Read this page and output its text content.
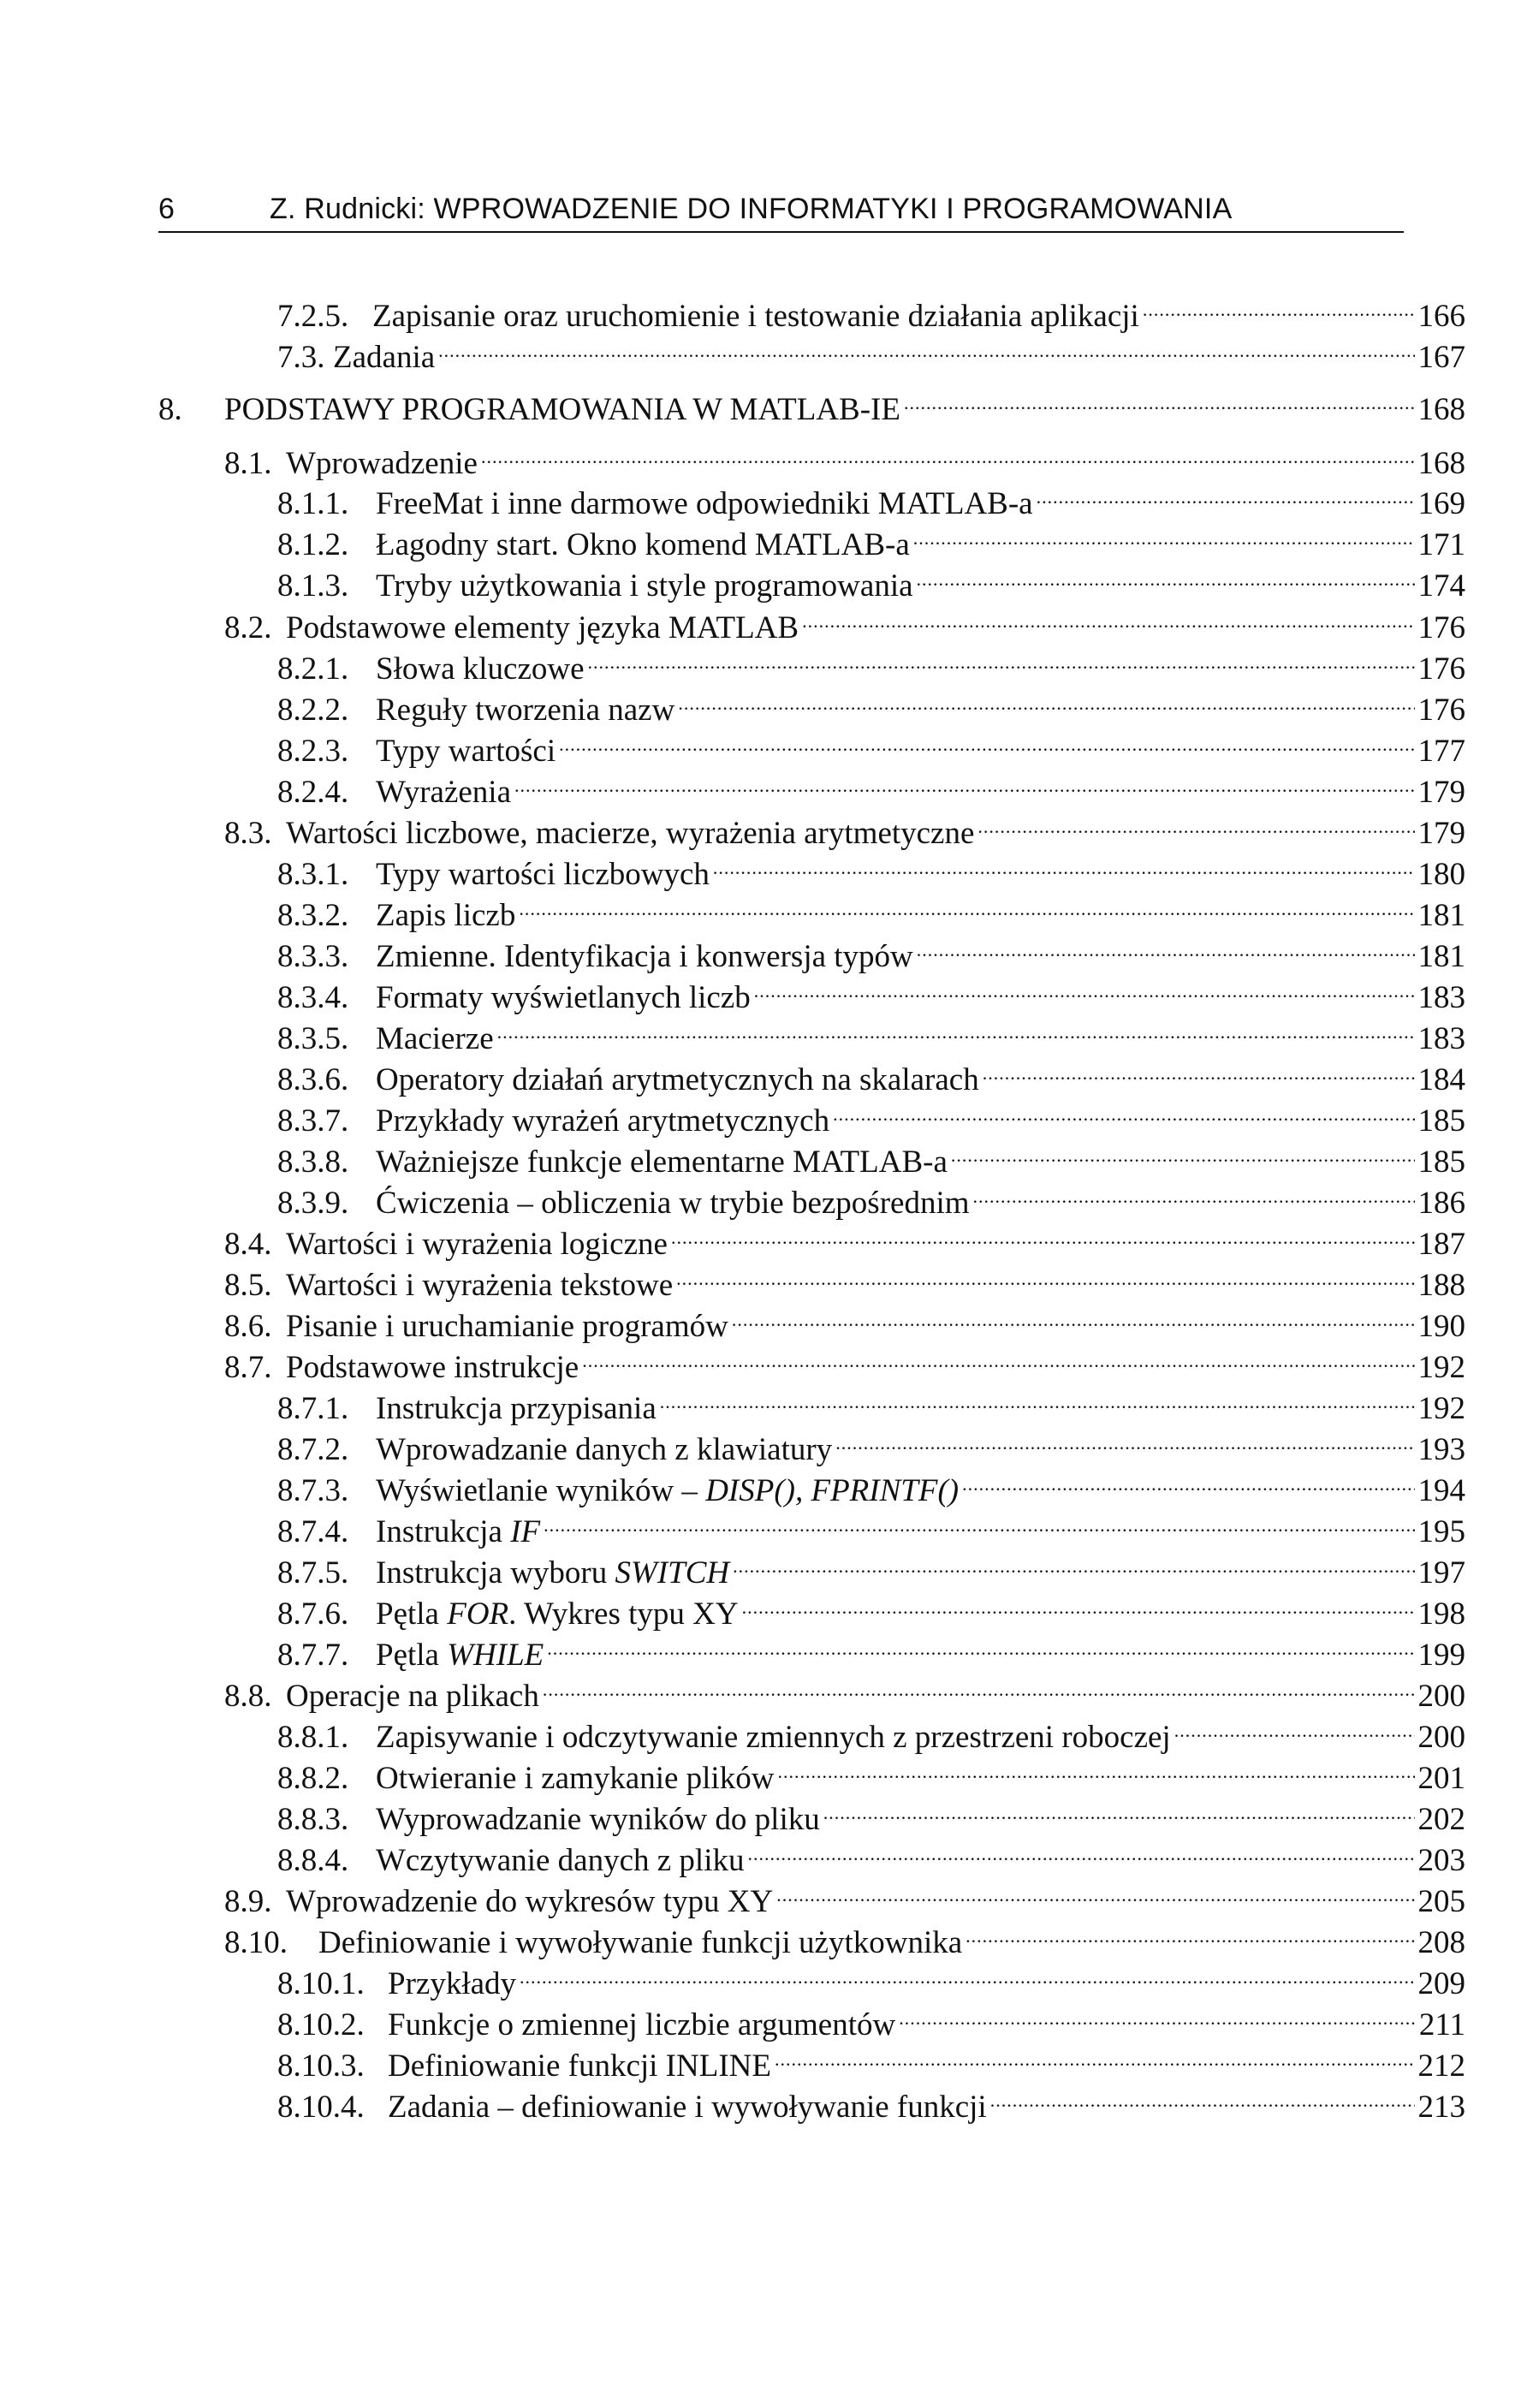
6	Z. Rudnicki: WPROWADZENIE DO INFORMATYKI I PROGRAMOWANIA
7.2.5. Zapisanie oraz uruchomienie i testowanie działania aplikacji .....	166
7.3. Zadania .....	167
8.	PODSTAWY PROGRAMOWANIA W MATLAB-IE .....	168
8.1. Wprowadzenie .....	168
8.1.1. FreeMat i inne darmowe odpowiedniki MATLAB-a .....	169
8.1.2. Łagodny start. Okno komend MATLAB-a .....	171
8.1.3. Tryby użytkowania i style programowania .....	174
8.2. Podstawowe elementy języka MATLAB .....	176
8.2.1. Słowa kluczowe .....	176
8.2.2. Reguły tworzenia nazw .....	176
8.2.3. Typy wartości .....	177
8.2.4. Wyrażenia .....	179
8.3. Wartości liczbowe, macierze, wyrażenia arytmetyczne .....	179
8.3.1. Typy wartości liczbowych .....	180
8.3.2. Zapis liczb .....	181
8.3.3. Zmienne. Identyfikacja i konwersja typów .....	181
8.3.4. Formaty wyświetlanych liczb .....	183
8.3.5. Macierze .....	183
8.3.6. Operatory działań arytmetycznych na skalarach .....	184
8.3.7. Przykłady wyrażeń arytmetycznych .....	185
8.3.8. Ważniejsze funkcje elementarne MATLAB-a .....	185
8.3.9. Ćwiczenia – obliczenia w trybie bezpośrednim .....	186
8.4. Wartości i wyrażenia logiczne .....	187
8.5. Wartości i wyrażenia tekstowe .....	188
8.6. Pisanie i uruchamianie programów .....	190
8.7. Podstawowe instrukcje .....	192
8.7.1. Instrukcja przypisania .....	192
8.7.2. Wprowadzanie danych z klawiatury .....	193
8.7.3. Wyświetlanie wyników – DISP(), FPRINTF() .....	194
8.7.4. Instrukcja IF .....	195
8.7.5. Instrukcja wyboru SWITCH .....	197
8.7.6. Pętla FOR. Wykres typu XY .....	198
8.7.7. Pętla WHILE .....	199
8.8. Operacje na plikach .....	200
8.8.1. Zapisywanie i odczytywanie zmiennych z przestrzeni roboczej .....	200
8.8.2. Otwieranie i zamykanie plików .....	201
8.8.3. Wyprowadzanie wyników do pliku .....	202
8.8.4. Wczytywanie danych z pliku .....	203
8.9. Wprowadzenie do wykresów typu XY .....	205
8.10. Definiowanie i wywoływanie funkcji użytkownika .....	208
8.10.1. Przykłady .....	209
8.10.2. Funkcje o zmiennej liczbie argumentów .....	211
8.10.3. Definiowanie funkcji INLINE .....	212
8.10.4. Zadania – definiowanie i wywoływanie funkcji .....	213
